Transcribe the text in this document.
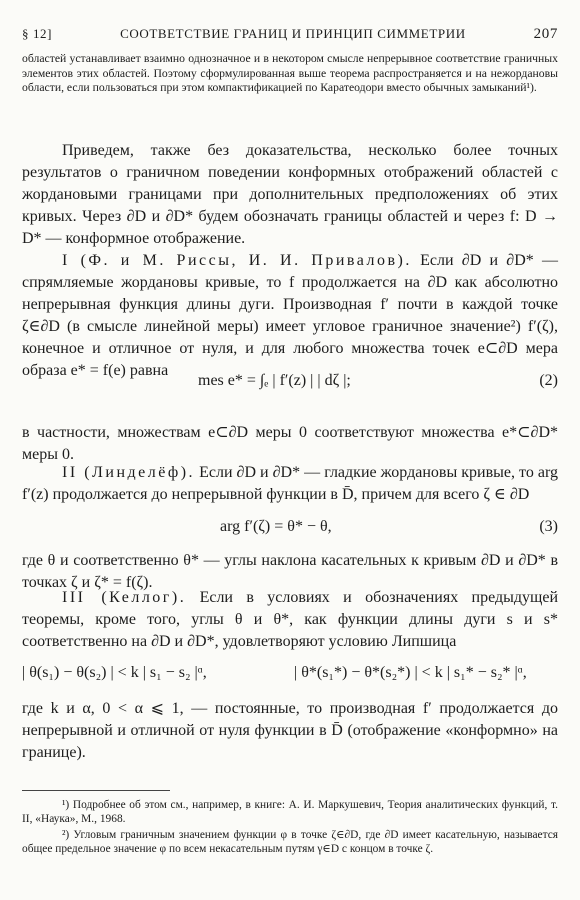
§ 12]	СООТВЕТСТВИЕ ГРАНИЦ И ПРИНЦИП СИММЕТРИИ	207

областей устанавливает взаимно однозначное и в некотором смысле непрерывное соответствие граничных элементов этих областей. Поэтому сформулированная выше теорема распространяется и на нежордановы области, если пользоваться при этом компактификацией по Каратеодори вместо обычных замыканий¹).

Приведем, также без доказательства, несколько более точных результатов о граничном поведении конформных отображений областей с жордановыми границами при дополнительных предположениях об этих кривых. Через ∂D и ∂D* будем обозначать границы областей и через f: D → D* — конформное отображение.

I (Ф. и М. Риссы, И. И. Привалов). Если ∂D и ∂D* — спрямляемые жордановы кривые, то f продолжается на ∂D как абсолютно непрерывная функция длины дуги. Производная f′ почти в каждой точке ζ∈∂D (в смысле линейной меры) имеет угловое граничное значение²) f′(ζ), конечное и отличное от нуля, и для любого множества точек e⊂∂D мера образа e* = f(e) равна

mes e* = ∫ₑ | f′(z) | | dζ |;	(2)

в частности, множествам e⊂∂D меры 0 соответствуют множества e*⊂∂D* меры 0.

II (Линделёф). Если ∂D и ∂D* — гладкие жордановы кривые, то arg f′(z) продолжается до непрерывной функции в D̄, причем для всего ζ ∈ ∂D

arg f′(ζ) = θ* − θ,	(3)

где θ и соответственно θ* — углы наклона касательных к кривым ∂D и ∂D* в точках ζ и ζ* = f(ζ).

III (Келлог). Если в условиях и обозначениях предыдущей теоремы, кроме того, углы θ и θ*, как функции длины дуги s и s* соответственно на ∂D и ∂D*, удовлетворяют условию Липшица

| θ(s₁) − θ(s₂) | < k | s₁ − s₂ |ᵅ,	| θ*(s₁*) − θ*(s₂*) | < k | s₁* − s₂* |ᵅ,

где k и α, 0 < α ⩽ 1, — постоянные, то производная f′ продолжается до непрерывной и отличной от нуля функции в D̄ (отображение «конформно» на границе).

¹) Подробнее об этом см., например, в книге: А. И. Маркушевич, Теория аналитических функций, т. II, «Наука», М., 1968.

²) Угловым граничным значением функции φ в точке ζ∈∂D, где ∂D имеет касательную, называется общее предельное значение φ по всем некасательным путям γ∈D с концом в точке ζ.
